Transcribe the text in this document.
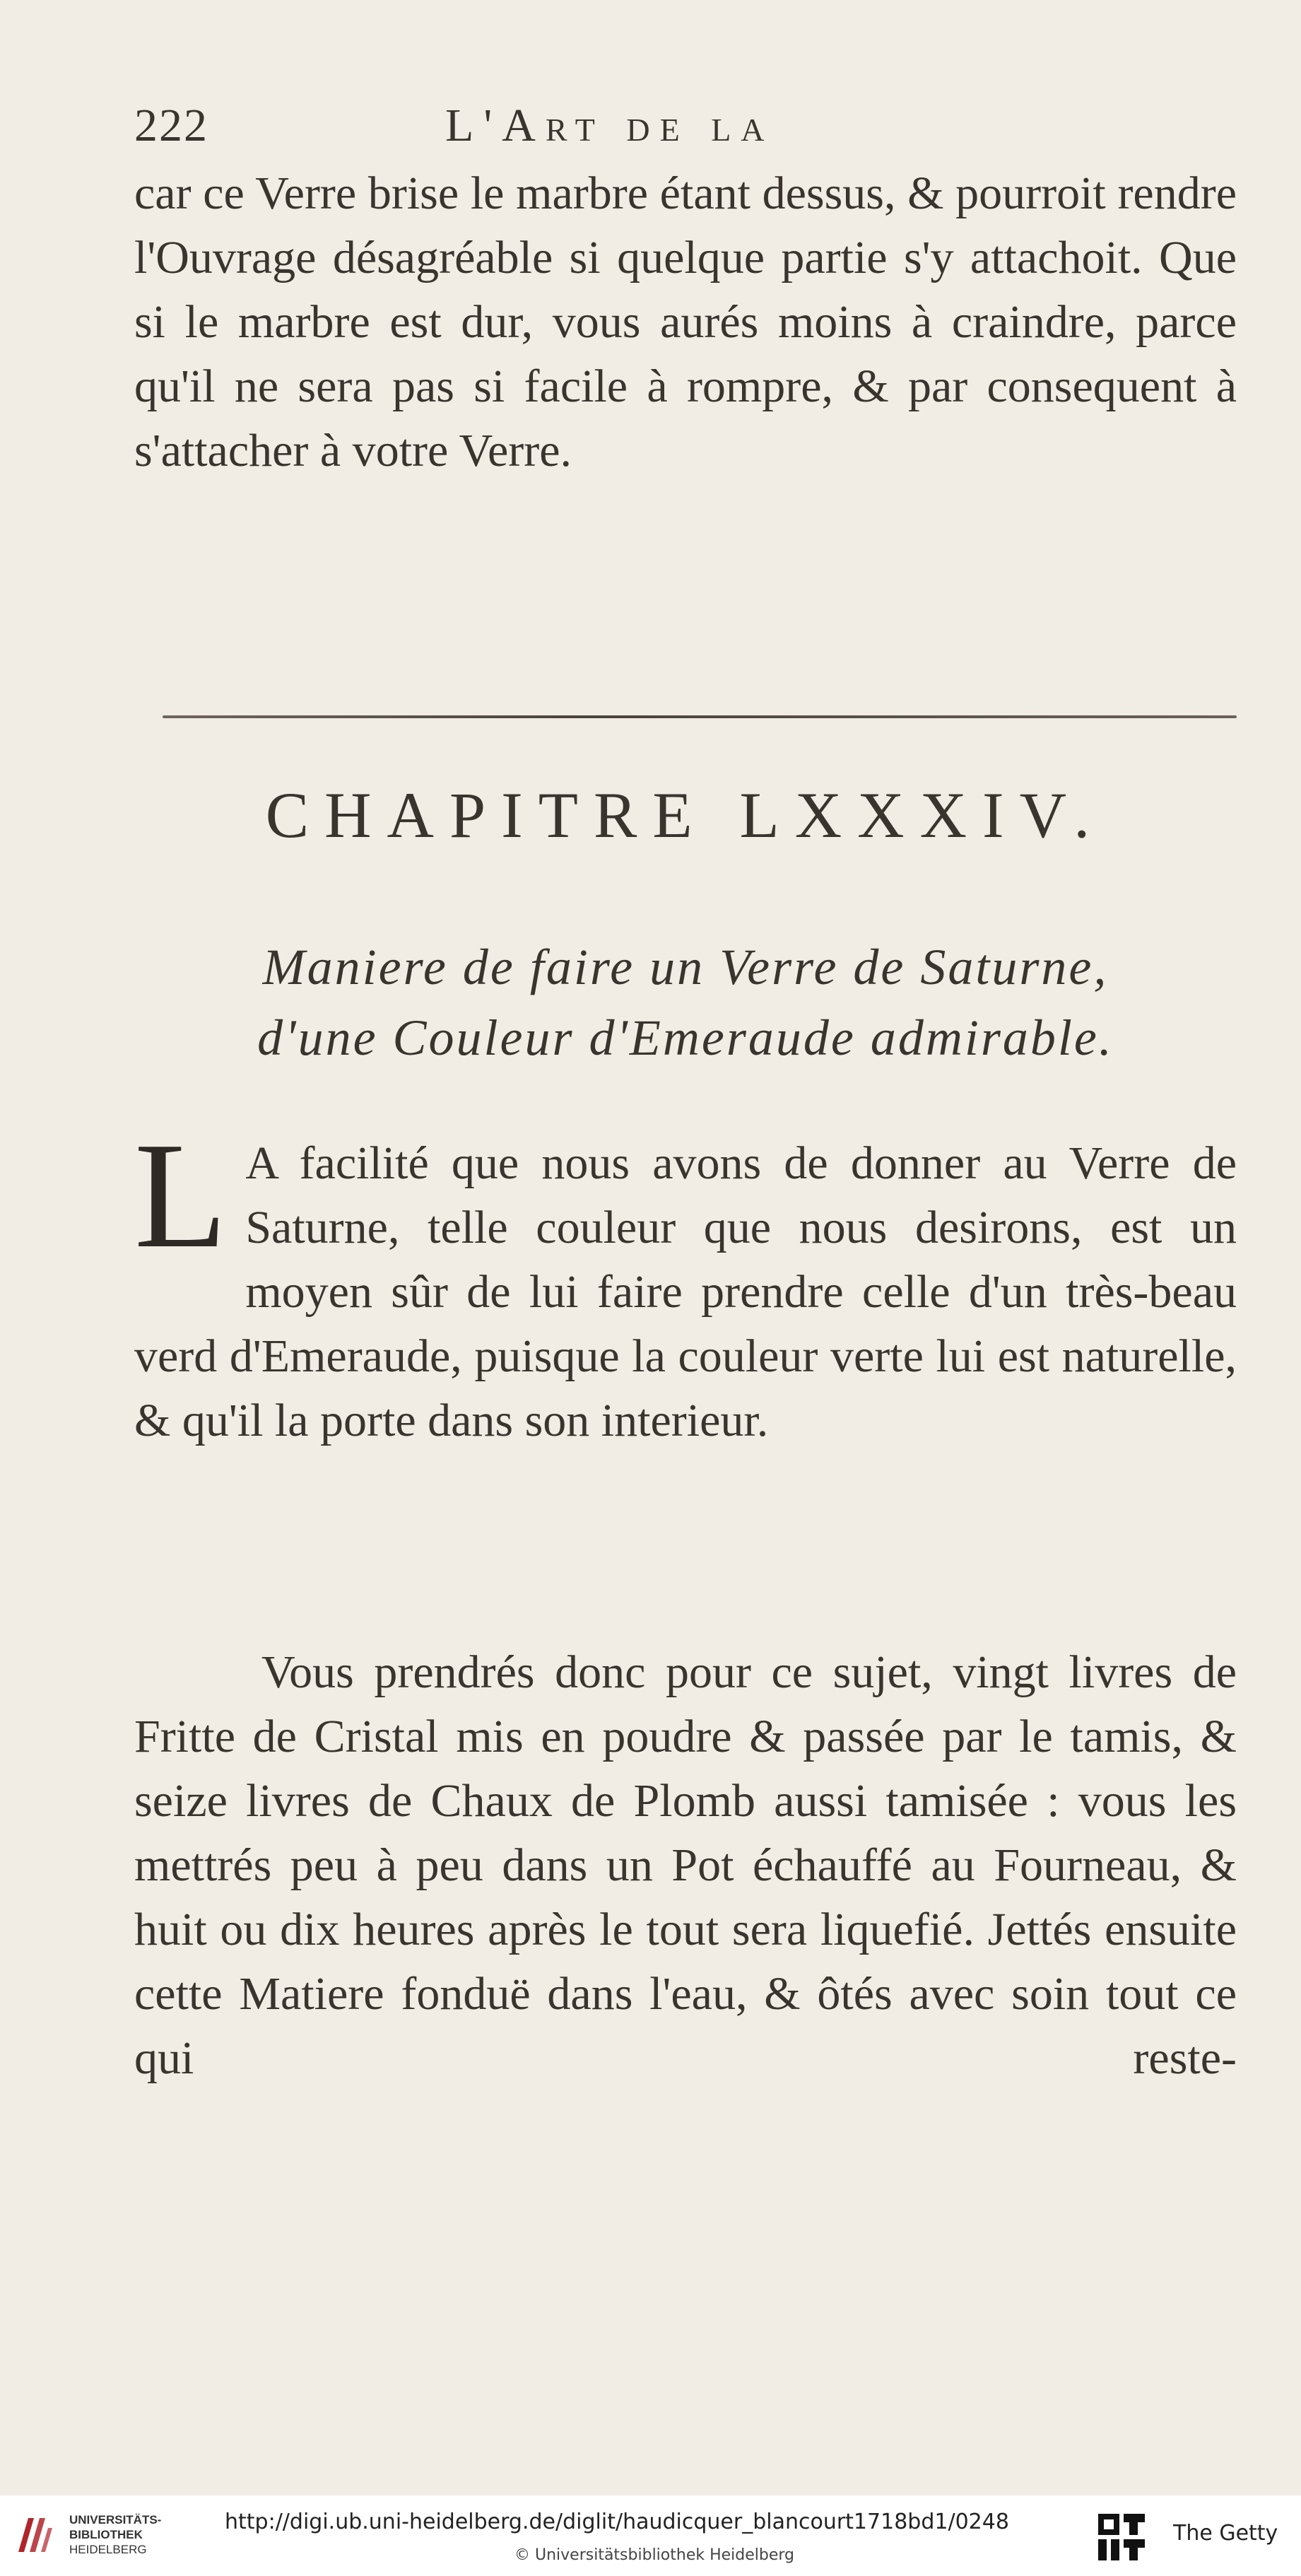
222	L'Art de la

car ce Verre brise le marbre étant dessus, & pourroit rendre l'Ouvrage désagréable si quelque partie s'y attachoit. Que si le marbre est dur, vous aurés moins à craindre, parce qu'il ne sera pas si facile à rompre, & par consequent à s'attacher à votre Verre.

CHAPITRE LXXXIV.

Maniere de faire un Verre de Saturne,
d'une Couleur d'Emeraude admirable.

L A facilité que nous avons de donner au Verre de Saturne, telle couleur que nous desirons, est un moyen sûr de lui faire prendre celle d'un très-beau verd d'Emeraude, puisque la couleur verte lui est naturelle, & qu'il la porte dans son interieur.

Vous prendrés donc pour ce sujet, vingt livres de Fritte de Cristal mis en poudre & passée par le tamis, & seize livres de Chaux de Plomb aussi tamisée : vous les mettrés peu à peu dans un Pot échauffé au Fourneau, & huit ou dix heures après le tout sera liquefié. Jettés ensuite cette Matiere fonduë dans l'eau, & ôtés avec soin tout ce qui reste-

UNIVERSITÄTS-
BIBLIOTHEK
HEIDELBERG
http://digi.ub.uni-heidelberg.de/diglit/haudicquer_blancourt1718bd1/0248
© Universitätsbibliothek Heidelberg
The Getty
